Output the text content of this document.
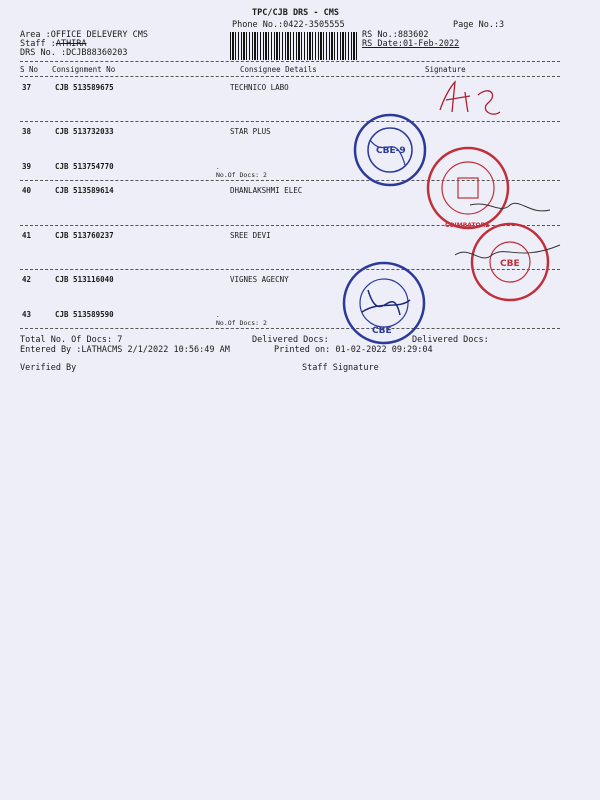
TPC/CJB DRS - CMS
Phone No.:0422-3505555	Page No.:3
Area :OFFICE DELEVERY CMS
Staff :ATHIRA
DRS No. :DCJB88360203
RS No.:883602
RS Date:01-Feb-2022
S No Consignment No	Consignee Details	Signature
37	CJB 513589675	TECHNICO LABO
38	CJB 513732033	STAR PLUS
39	CJB 513754770	.
No.Of Docs: 2
40	CJB 513589614	DHANLAKSHMI ELEC
41	CJB 513760237	SREE DEVI
42	CJB 513116040	VIGNES AGECNY
43	CJB 513589590	.
No.Of Docs: 2
Total No. Of Docs: 7	Delivered Docs:	Delivered Docs:
Entered By :LATHACMS 2/1/2022 10:56:49 AM	Printed on: 01-02-2022 09:29:04
Verified By	Staff Signature
CBE-9
COIMBATORE
CBE
CBE
